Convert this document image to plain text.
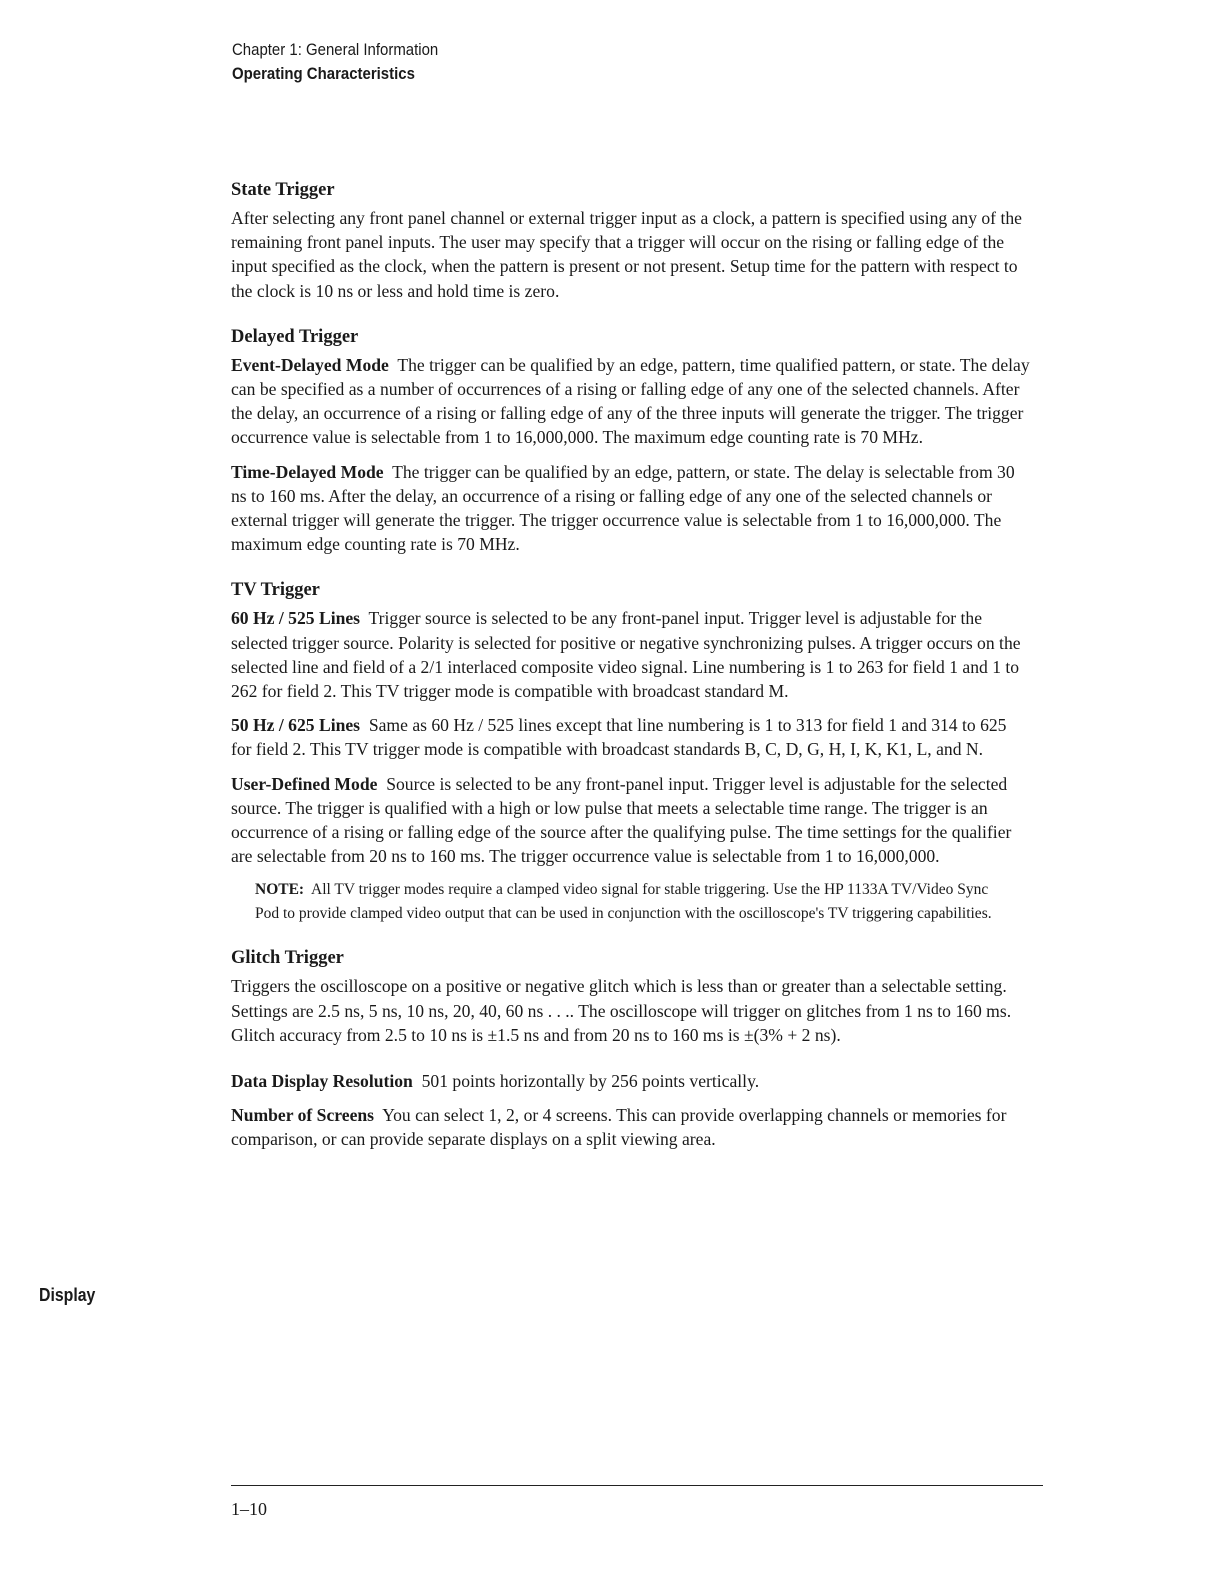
Chapter 1: General Information
Operating Characteristics
Display
State Trigger

After selecting any front panel channel or external trigger input as a clock, a pattern is specified using any of the remaining front panel inputs. The user may specify that a trigger will occur on the rising or falling edge of the input specified as the clock, when the pattern is present or not present. Setup time for the pattern with respect to the clock is 10 ns or less and hold time is zero.

Delayed Trigger

Event-Delayed Mode The trigger can be qualified by an edge, pattern, time qualified pattern, or state. The delay can be specified as a number of occurrences of a rising or falling edge of any one of the selected channels. After the delay, an occurrence of a rising or falling edge of any of the three inputs will generate the trigger. The trigger occurrence value is selectable from 1 to 16,000,000. The maximum edge counting rate is 70 MHz.

Time-Delayed Mode The trigger can be qualified by an edge, pattern, or state. The delay is selectable from 30 ns to 160 ms. After the delay, an occurrence of a rising or falling edge of any one of the selected channels or external trigger will generate the trigger. The trigger occurrence value is selectable from 1 to 16,000,000. The maximum edge counting rate is 70 MHz.

TV Trigger

60 Hz / 525 Lines Trigger source is selected to be any front-panel input. Trigger level is adjustable for the selected trigger source. Polarity is selected for positive or negative synchronizing pulses. A trigger occurs on the selected line and field of a 2/1 interlaced composite video signal. Line numbering is 1 to 263 for field 1 and 1 to 262 for field 2. This TV trigger mode is compatible with broadcast standard M.

50 Hz / 625 Lines Same as 60 Hz / 525 lines except that line numbering is 1 to 313 for field 1 and 314 to 625 for field 2. This TV trigger mode is compatible with broadcast standards B, C, D, G, H, I, K, K1, L, and N.

User-Defined Mode Source is selected to be any front-panel input. Trigger level is adjustable for the selected source. The trigger is qualified with a high or low pulse that meets a selectable time range. The trigger is an occurrence of a rising or falling edge of the source after the qualifying pulse. The time settings for the qualifier are selectable from 20 ns to 160 ms. The trigger occurrence value is selectable from 1 to 16,000,000.

NOTE: All TV trigger modes require a clamped video signal for stable triggering. Use the HP 1133A TV/Video Sync Pod to provide clamped video output that can be used in conjunction with the oscilloscope's TV triggering capabilities.
Glitch Trigger

Triggers the oscilloscope on a positive or negative glitch which is less than or greater than a selectable setting. Settings are 2.5 ns, 5 ns, 10 ns, 20, 40, 60 ns . . .. The oscilloscope will trigger on glitches from 1 ns to 160 ms. Glitch accuracy from 2.5 to 10 ns is ±1.5 ns and from 20 ns to 160 ms is ±(3% + 2 ns).

Data Display Resolution 501 points horizontally by 256 points vertically.

Number of Screens You can select 1, 2, or 4 screens. This can provide overlapping channels or memories for comparison, or can provide separate displays on a split viewing area.

1–10
